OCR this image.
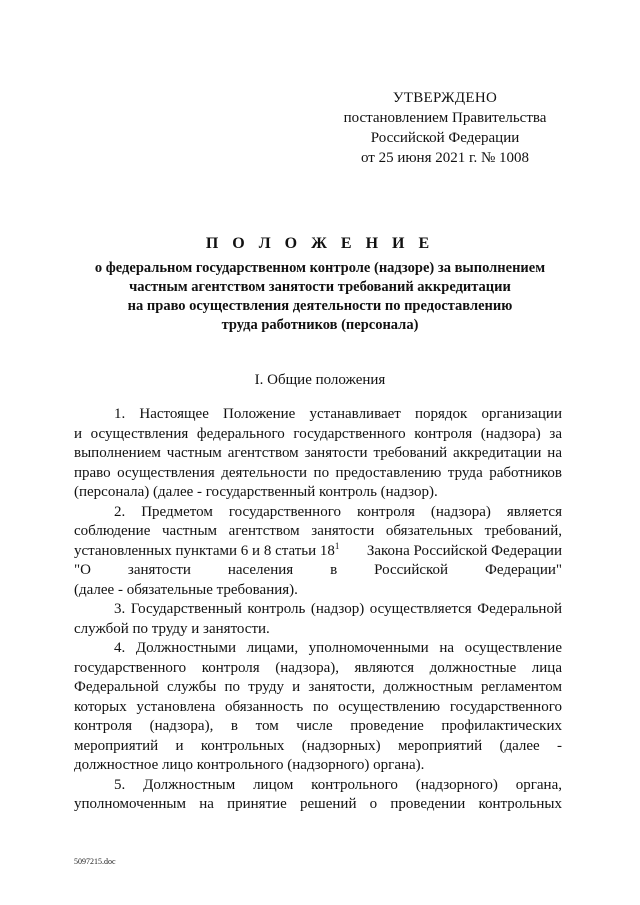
УТВЕРЖДЕНО
постановлением Правительства
Российской Федерации
от 25 июня 2021 г. № 1008
П О Л О Ж Е Н И Е
о федеральном государственном контроле (надзоре) за выполнением
частным агентством занятости требований аккредитации
на право осуществления деятельности по предоставлению
труда работников (персонала)
I. Общие положения
1. Настоящее Положение устанавливает порядок организации
и осуществления федерального государственного контроля (надзора) за
выполнением частным агентством занятости требований аккредитации на
право осуществления деятельности по предоставлению труда работников
(персонала) (далее - государственный контроль (надзор).
2. Предметом государственного контроля (надзора) является
соблюдение частным агентством занятости обязательных требований,
установленных пунктами 6 и 8 статьи $18^1$ Закона Российской Федерации
"О занятости населения в Российской Федерации"
(далее - обязательные требования).
3. Государственный контроль (надзор) осуществляется Федеральной
службой по труду и занятости.
4. Должностными лицами, уполномоченными на осуществление
государственного контроля (надзора), являются должностные лица
Федеральной службы по труду и занятости, должностным регламентом
которых установлена обязанность по осуществлению государственного
контроля (надзора), в том числе проведение профилактических
мероприятий и контрольных (надзорных) мероприятий (далее -
должностное лицо контрольного (надзорного) органа).
5. Должностным лицом контрольного (надзорного) органа,
уполномоченным на принятие решений о проведении контрольных
5097215.doc
